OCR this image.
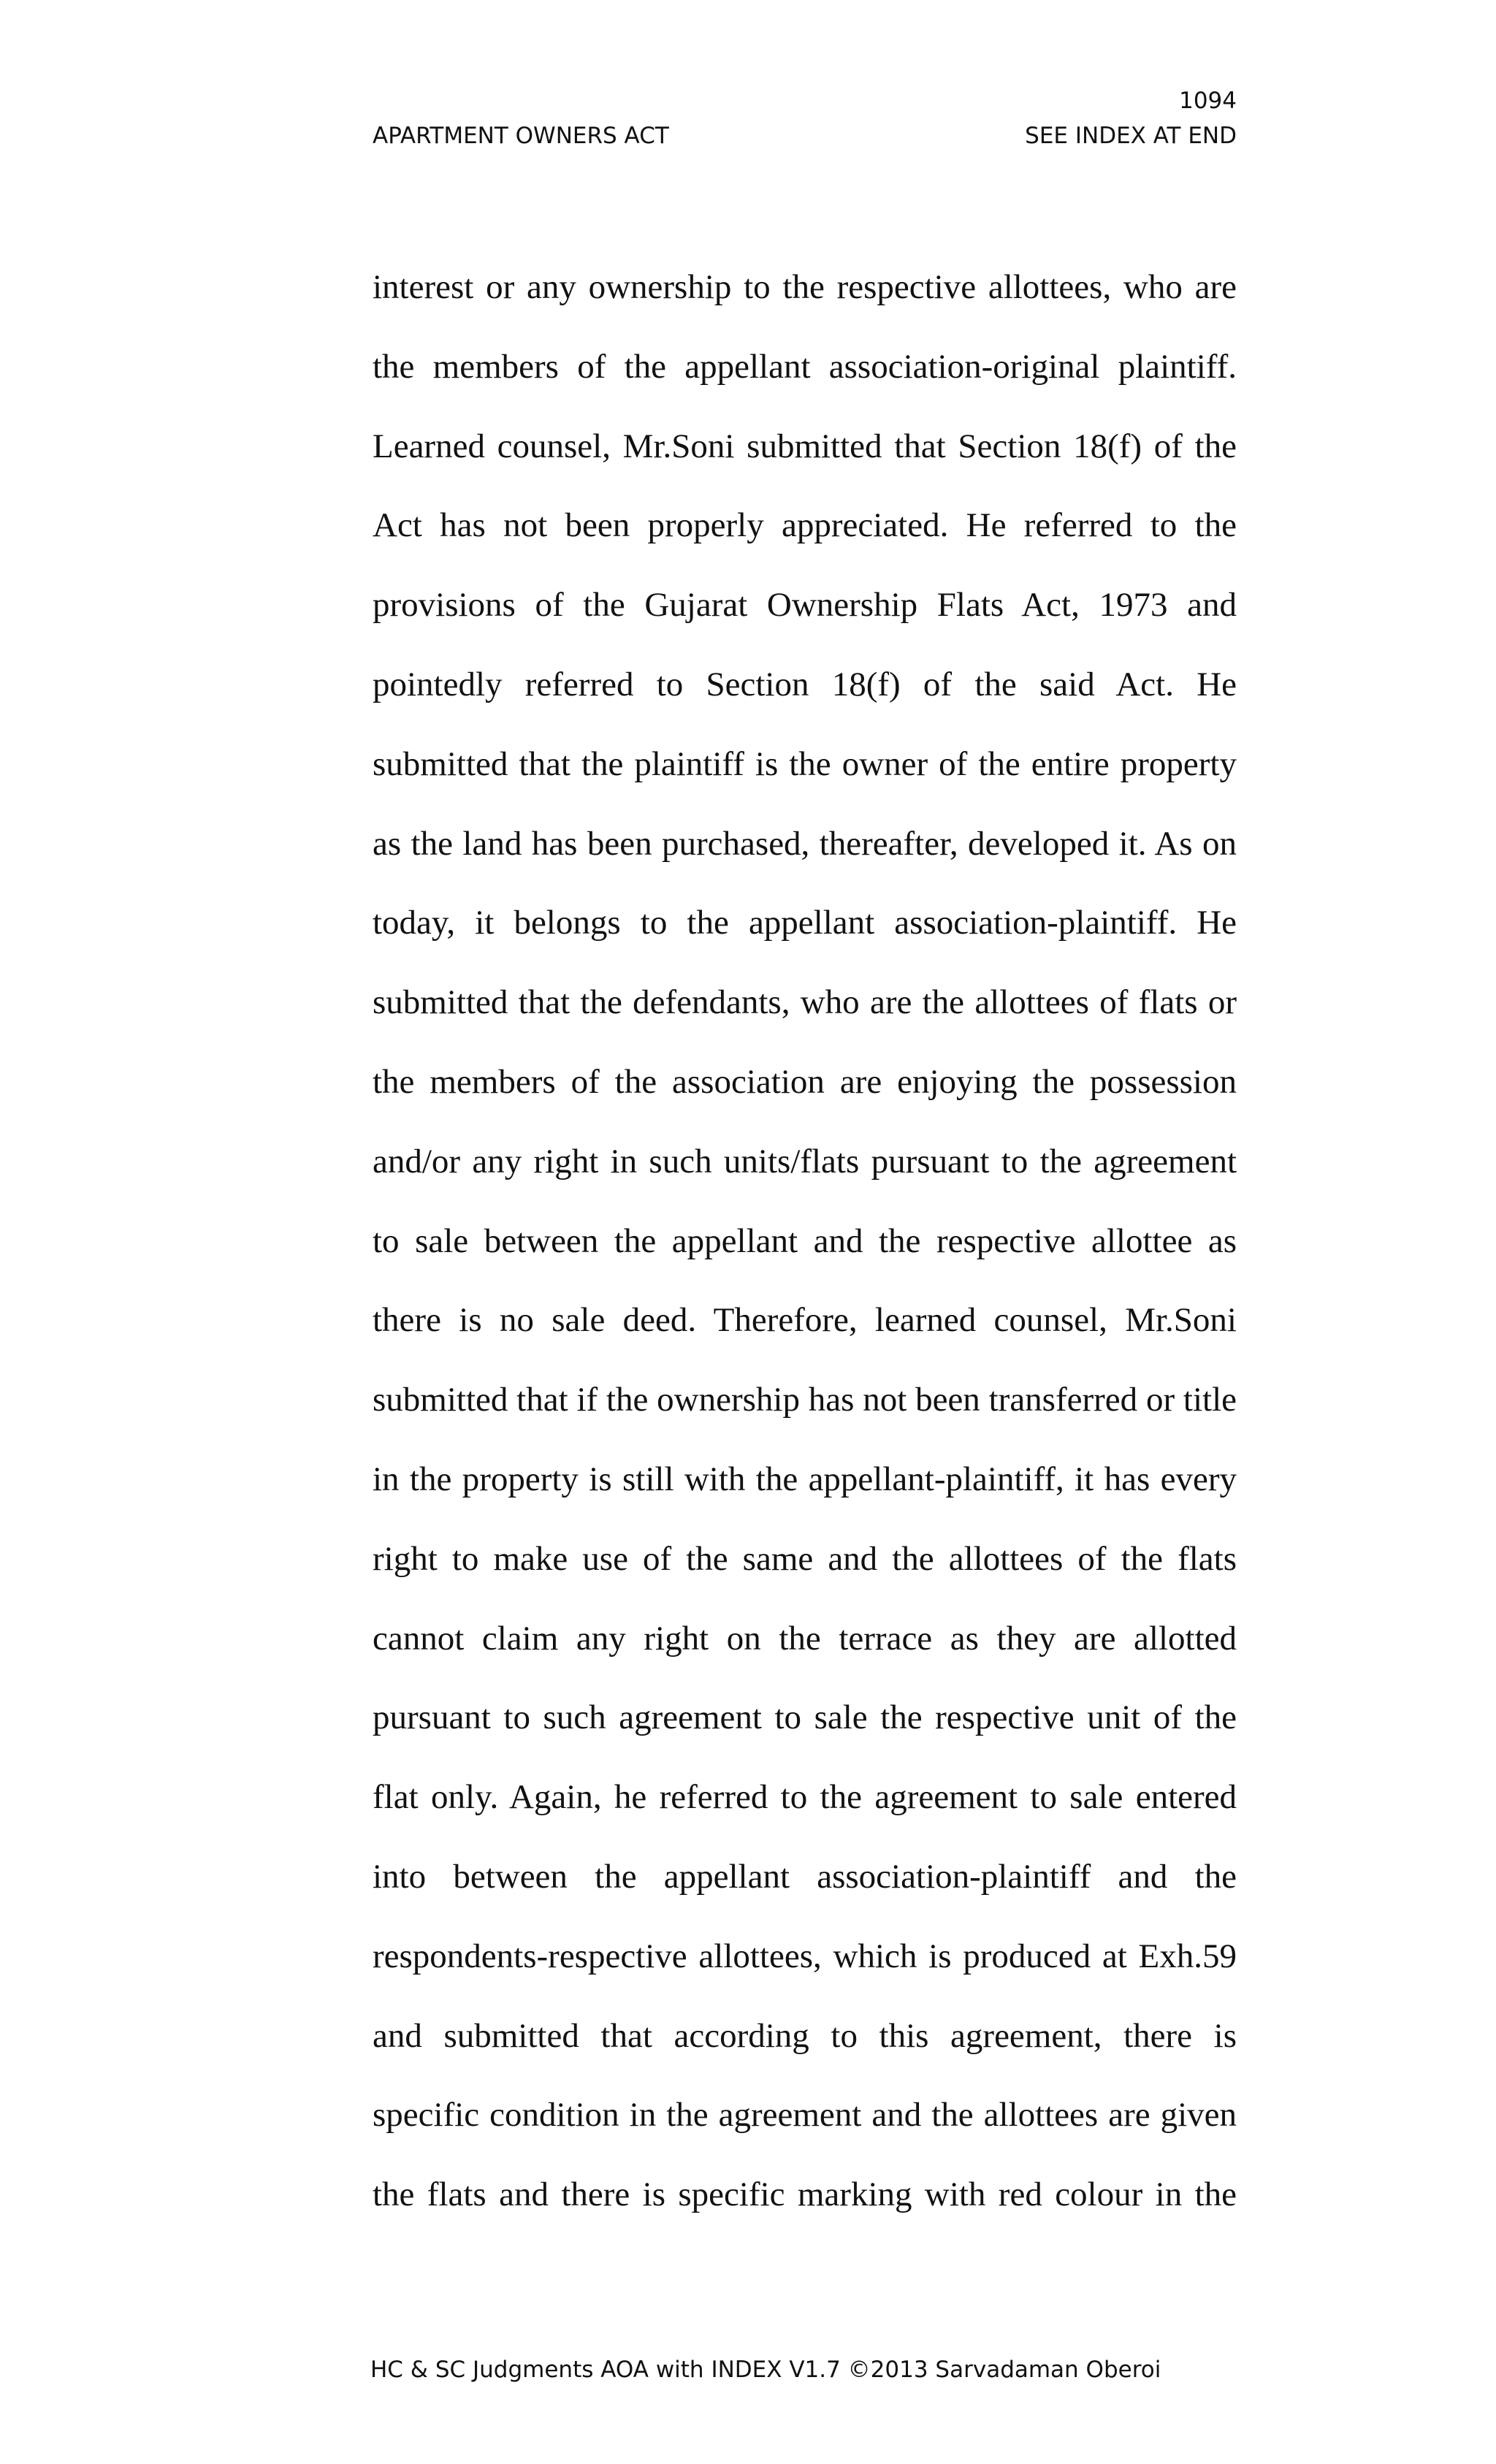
1094
APARTMENT OWNERS ACT	SEE INDEX AT END
interest or any ownership to the respective allottees, who are
the members of the appellant association-original plaintiff.
Learned counsel, Mr.Soni submitted that Section 18(f) of the
Act has not been properly appreciated. He referred to the
provisions of the Gujarat Ownership Flats Act, 1973 and
pointedly referred to Section 18(f) of the said Act. He
submitted that the plaintiff is the owner of the entire property
as the land has been purchased, thereafter, developed it. As on
today, it belongs to the appellant association-plaintiff. He
submitted that the defendants, who are the allottees of flats or
the members of the association are enjoying the possession
and/or any right in such units/flats pursuant to the agreement
to sale between the appellant and the respective allottee as
there is no sale deed. Therefore, learned counsel, Mr.Soni
submitted that if the ownership has not been transferred or title
in the property is still with the appellant-plaintiff, it has every
right to make use of the same and the allottees of the flats
cannot claim any right on the terrace as they are allotted
pursuant to such agreement to sale the respective unit of the
flat only. Again, he referred to the agreement to sale entered
into between the appellant association-plaintiff and the
respondents-respective allottees, which is produced at Exh.59
and submitted that according to this agreement, there is
specific condition in the agreement and the allottees are given
the flats and there is specific marking with red colour in the
HC & SC Judgments AOA with INDEX V1.7 ©2013 Sarvadaman Oberoi
